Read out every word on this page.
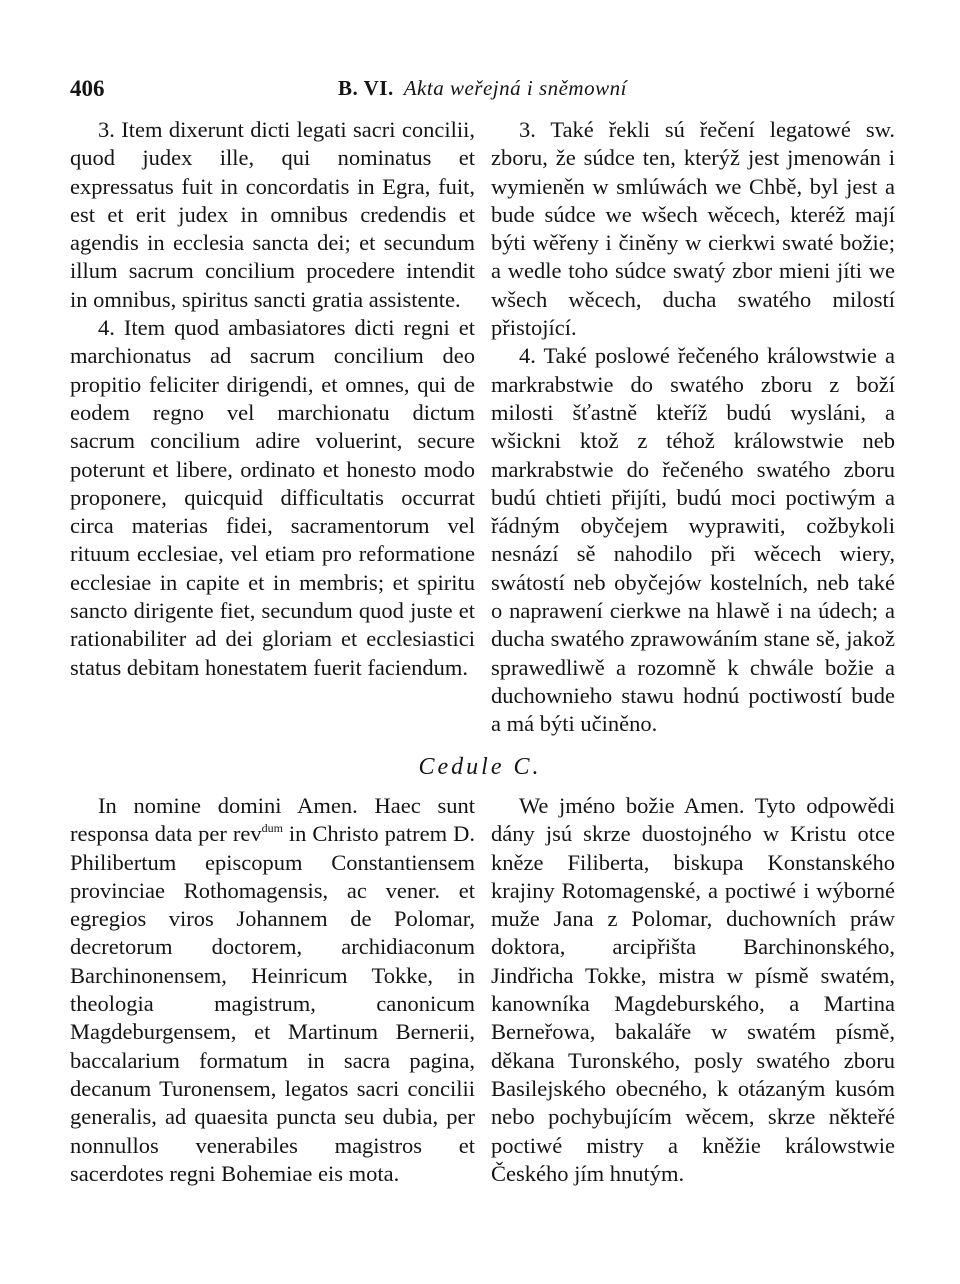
406	B. VI. Akta weřejná i sněmowní

3. Item dixerunt dicti legati sacri concilii, quod judex ille, qui nominatus et expressatus fuit in concordatis in Egra, fuit, est et erit judex in omnibus credendis et agendis in ecclesia sancta dei; et secundum illum sacrum concilium procedere intendit in omnibus, spiritus sancti gratia assistente.

4. Item quod ambasiatores dicti regni et marchionatus ad sacrum concilium deo propitio feliciter dirigendi, et omnes, qui de eodem regno vel marchionatu dictum sacrum concilium adire voluerint, secure poterunt et libere, ordinato et honesto modo proponere, quicquid difficultatis occurrat circa materias fidei, sacramentorum vel rituum ecclesiae, vel etiam pro reformatione ecclesiae in capite et in membris; et spiritu sancto dirigente fiet, secundum quod juste et rationabiliter ad dei gloriam et ecclesiastici status debitam honestatem fuerit faciendum.

3. Také řekli sú řečení legatowé sw. zboru, že súdce ten, kterýž jest jmenowán i wymieněn w smlúwách we Chbě, byl jest a bude súdce we wšech wěcech, kteréž mají býti wěřeny i činěny w cierkwi swaté božie; a wedle toho súdce swatý zbor mieni jíti we wšech wěcech, ducha swatého milostí přistojící.

4. Také poslowé řečeného králowstwie a markrabstwie do swatého zboru z boží milosti šťastně kteříž budú wysláni, a wšickni ktož z téhož králowstwie neb markrabstwie do řečeného swatého zboru budú chtieti přijíti, budú moci poctiwým a řádným obyčejem wyprawiti, cožbykoli nesnází sě nahodilo při wěcech wiery, swátostí neb obyčejów kostelních, neb také o naprawení cierkwe na hlawě i na údech; a ducha swatého zprawowáním stane sě, jakož sprawedliwě a rozomně k chwále božie a duchownieho stawu hodnú poctiwostí bude a má býti učiněno.

Cedule C.

In nomine domini Amen. Haec sunt responsa data per rev$^{dum}$ in Christo patrem D. Philibertum episcopum Constantiensem provinciae Rothomagensis, ac vener. et egregios viros Johannem de Polomar, decretorum doctorem, archidiaconum Barchinonensem, Heinricum Tokke, in theologia magistrum, canonicum Magdeburgensem, et Martinum Bernerii, baccalarium formatum in sacra pagina, decanum Turonensem, legatos sacri concilii generalis, ad quaesita puncta seu dubia, per nonnullos venerabiles magistros et sacerdotes regni Bohemiae eis mota.

We jméno božie Amen. Tyto odpowědi dány jsú skrze duostojného w Kristu otce kněze Filiberta, biskupa Konstanského krajiny Rotomagenské, a poctiwé i wýborné muže Jana z Polomar, duchowních práw doktora, arcipřišta Barchinonského, Jindřicha Tokke, mistra w písmě swatém, kanowníka Magdeburského, a Martina Berneřowa, bakaláře w swatém písmě, děkana Turonského, posly swatého zboru Basilejského obecného, k otázaným kusóm nebo pochybujícím wěcem, skrze někteřé poctiwé mistry a kněžie králowstwie Českého jím hnutým.
